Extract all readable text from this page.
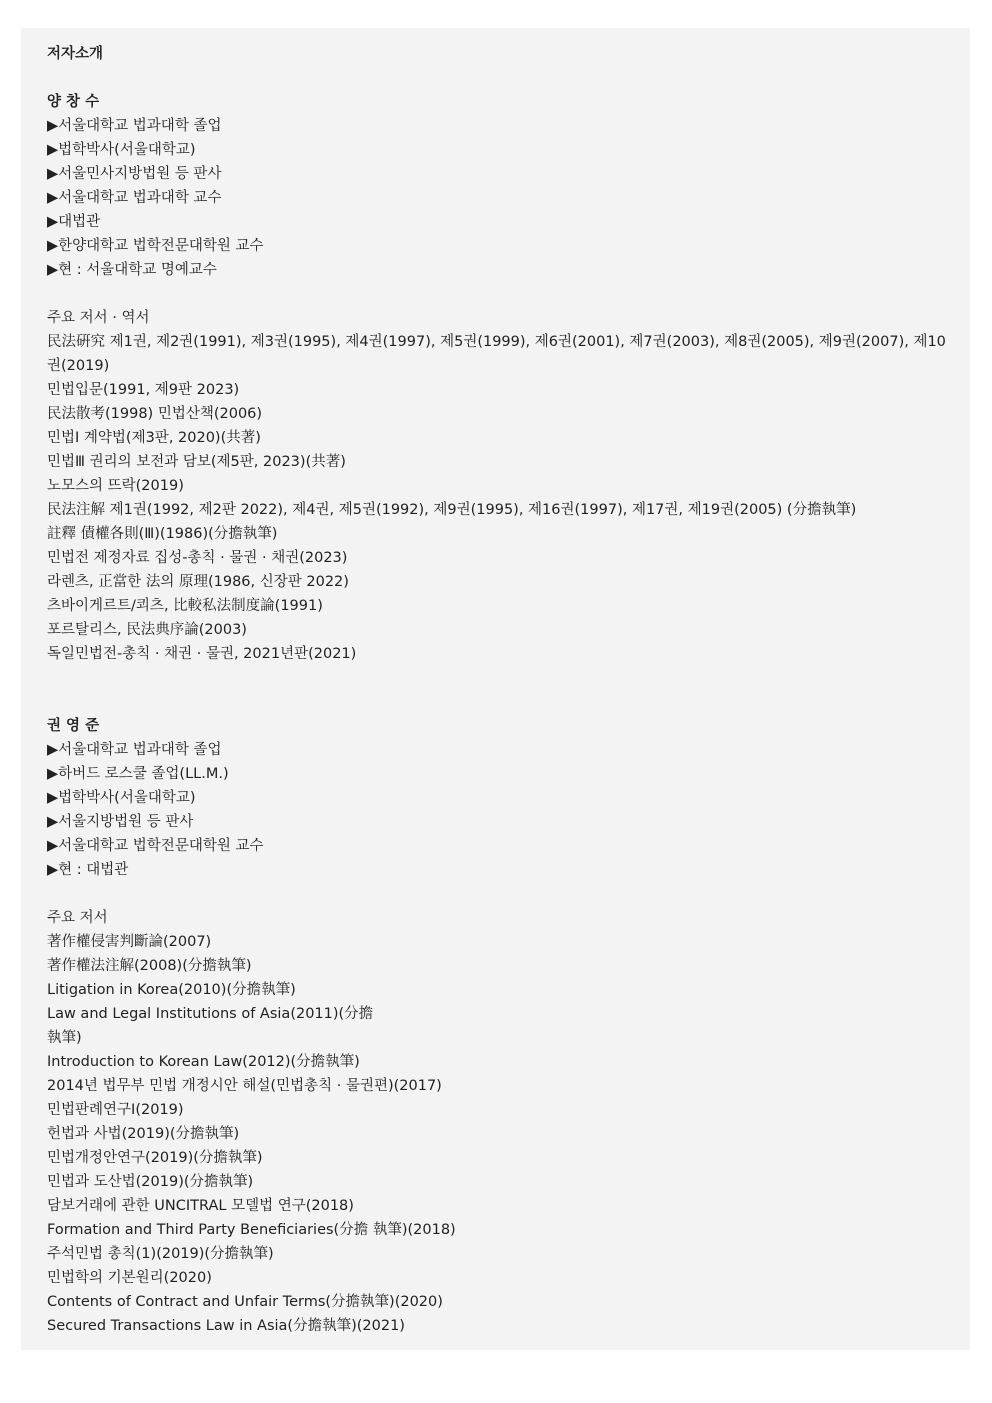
저자소개
양 창 수
▶서울대학교 법과대학 졸업
▶법학박사(서울대학교)
▶서울민사지방법원 등 판사
▶서울대학교 법과대학 교수
▶대법관
▶한양대학교 법학전문대학원 교수
▶현 : 서울대학교 명예교수
주요 저서 · 역서
民法硏究 제1권, 제2권(1991), 제3권(1995), 제4권(1997), 제5권(1999), 제6권(2001), 제7권(2003), 제8권(2005), 제9권(2007), 제10권(2019)
민법입문(1991, 제9판 2023)
民法散考(1998) 민법산책(2006)
민법Ⅰ 계약법(제3판, 2020)(共著)
민법Ⅲ 권리의 보전과 담보(제5판, 2023)(共著)
노모스의 뜨락(2019)
民法注解 제1권(1992, 제2판 2022), 제4권, 제5권(1992), 제9권(1995), 제16권(1997), 제17권, 제19권(2005) (分擔執筆)
註釋 債權各則(Ⅲ)(1986)(分擔執筆)
민법전 제정자료 집성-총칙 · 물권 · 채권(2023)
라렌츠, 正當한 法의 原理(1986, 신장판 2022)
츠바이게르트/쾨츠, 比較私法制度論(1991)
포르탈리스, 民法典序論(2003)
독일민법전-총칙 · 채권 · 물권, 2021년판(2021)
권 영 준
▶서울대학교 법과대학 졸업
▶하버드 로스쿨 졸업(LL.M.)
▶법학박사(서울대학교)
▶서울지방법원 등 판사
▶서울대학교 법학전문대학원 교수
▶현 : 대법관
주요 저서
著作權侵害判斷論(2007)
著作權法注解(2008)(分擔執筆)
Litigation in Korea(2010)(分擔執筆)
Law and Legal Institutions of Asia(2011)(分擔
執筆)
Introduction to Korean Law(2012)(分擔執筆)
2014년 법무부 민법 개정시안 해설(민법총칙 · 물권편)(2017)
민법판례연구Ⅰ(2019)
헌법과 사법(2019)(分擔執筆)
민법개정안연구(2019)(分擔執筆)
민법과 도산법(2019)(分擔執筆)
담보거래에 관한 UNCITRAL 모델법 연구(2018)
Formation and Third Party Beneficiaries(分擔 執筆)(2018)
주석민법 총칙(1)(2019)(分擔執筆)
민법학의 기본원리(2020)
Contents of Contract and Unfair Terms(分擔執筆)(2020)
Secured Transactions Law in Asia(分擔執筆)(2021)
